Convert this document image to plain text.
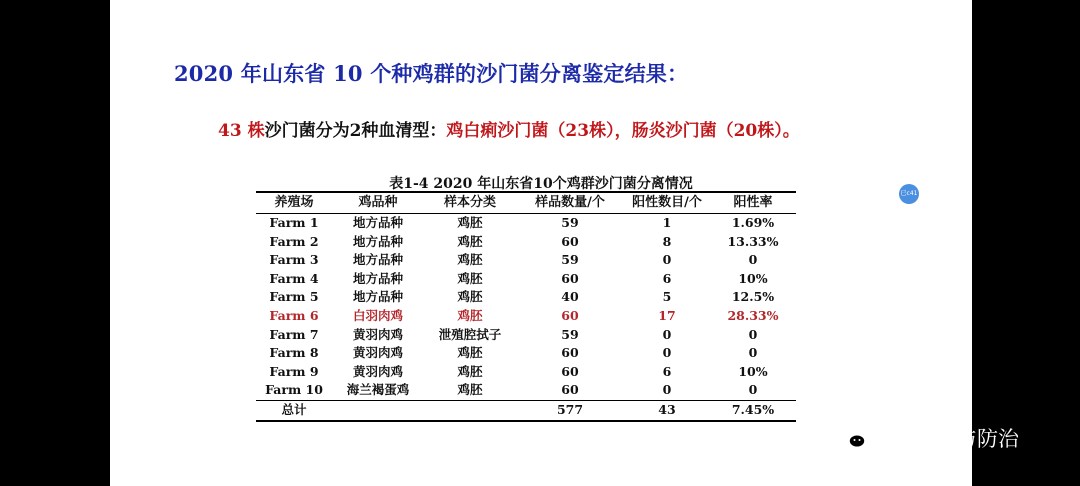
2020 年山东省 10 个种鸡群的沙门菌分离鉴定结果：
43 株沙门菌分为2种血清型：鸡白痢沙门菌（23株），肠炎沙门菌（20株）。
表1-4 2020 年山东省10个鸡群沙门菌分离情况
养殖场	鸡品种	样本分类	样品数量/个	阳性数目/个	阳性率
Farm 1	地方品种	鸡胚	59	1	1.69%
Farm 2	地方品种	鸡胚	60	8	13.33%
Farm 3	地方品种	鸡胚	59	0	0
Farm 4	地方品种	鸡胚	60	6	10%
Farm 5	地方品种	鸡胚	40	5	12.5%
Farm 6	白羽肉鸡	鸡胚	60	17	28.33%
Farm 7	黄羽肉鸡	泄殖腔拭子	59	0	0
Farm 8	黄羽肉鸡	鸡胚	60	0	0
Farm 9	黄羽肉鸡	鸡胚	60	6	10%
Farm 10	海兰褐蛋鸡	鸡胚	60	0	0
总计			577	43	7.45%
已c41
禽病诊断与防治
